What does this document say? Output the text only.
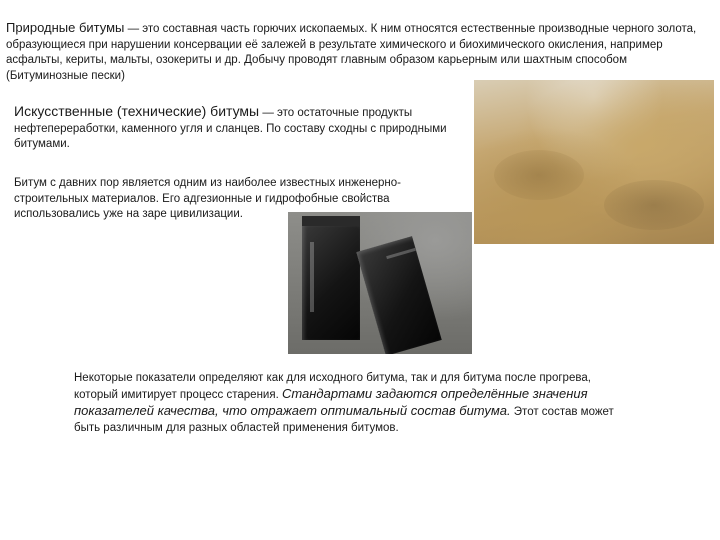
Природные битумы — это составная часть горючих ископаемых. К ним относятся естественные производные черного золота, образующиеся при нарушении консервации её залежей в результате химического и биохимического окисления, например асфальты, кериты, мальты, озокериты и др. Добычу проводят главным образом карьерным или шахтным способом (Битуминозные пески)
Искусственные (технические) битумы — это остаточные продукты нефтепереработки, каменного угля и сланцев. По составу сходны с природными битумами.
Битум с давних пор является одним из наиболее известных инженерно-строительных материалов. Его адгезионные и гидрофобные свойства использовались уже на заре цивилизации.
Некоторые показатели определяют как для исходного битума, так и для битума после прогрева, который имитирует процесс старения. Стандартами задаются определённые значения показателей качества, что отражает оптимальный состав битума. Этот состав может быть различным для разных областей применения битумов.
